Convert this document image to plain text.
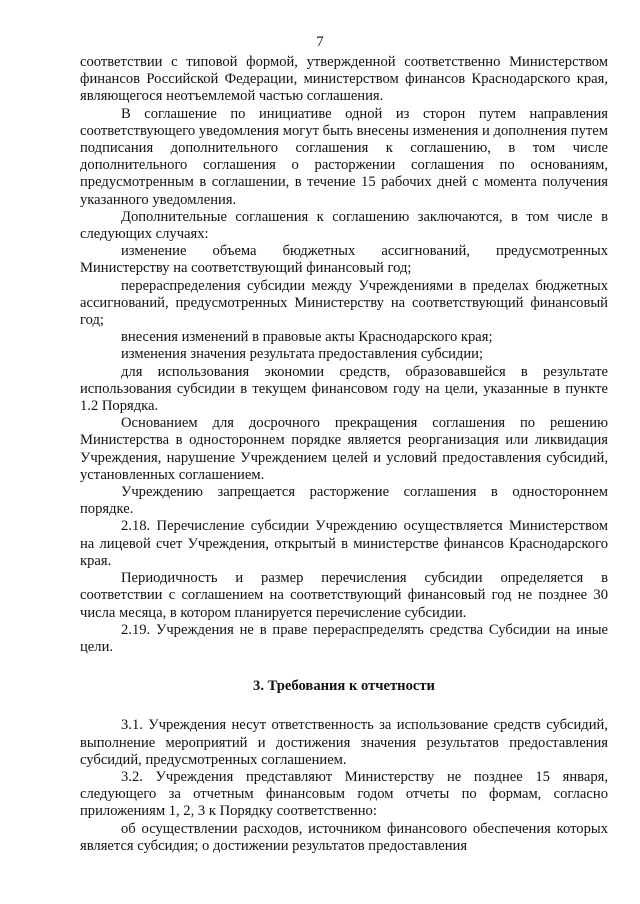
7

соответствии с типовой формой, утвержденной соответственно Министерством финансов Российской Федерации, министерством финансов Краснодарского края, являющегося неотъемлемой частью соглашения.

В соглашение по инициативе одной из сторон путем направления соответствующего уведомления могут быть внесены изменения и дополнения путем подписания дополнительного соглашения к соглашению, в том числе дополнительного соглашения о расторжении соглашения по основаниям, предусмотренным в соглашении, в течение 15 рабочих дней с момента получения указанного уведомления.

Дополнительные соглашения к соглашению заключаются, в том числе в следующих случаях:

изменение объема бюджетных ассигнований, предусмотренных Министерству на соответствующий финансовый год;

перераспределения субсидии между Учреждениями в пределах бюджетных ассигнований, предусмотренных Министерству на соответствующий финансовый год;

внесения изменений в правовые акты Краснодарского края;

изменения значения результата предоставления субсидии;

для использования экономии средств, образовавшейся в результате использования субсидии в текущем финансовом году на цели, указанные в пункте 1.2 Порядка.

Основанием для досрочного прекращения соглашения по решению Министерства в одностороннем порядке является реорганизация или ликвидация Учреждения, нарушение Учреждением целей и условий предоставления субсидий, установленных соглашением.

Учреждению запрещается расторжение соглашения в одностороннем порядке.

2.18. Перечисление субсидии Учреждению осуществляется Министерством на лицевой счет Учреждения, открытый в министерстве финансов Краснодарского края.

Периодичность и размер перечисления субсидии определяется в соответствии с соглашением на соответствующий финансовый год не позднее 30 числа месяца, в котором планируется перечисление субсидии.

2.19. Учреждения не в праве перераспределять средства Субсидии на иные цели.

3. Требования к отчетности

3.1. Учреждения несут ответственность за использование средств субсидий, выполнение мероприятий и достижения значения результатов предоставления субсидий, предусмотренных соглашением.

3.2. Учреждения представляют Министерству не позднее 15 января, следующего за отчетным финансовым годом отчеты по формам, согласно приложениям 1, 2, 3 к Порядку соответственно:

об осуществлении расходов, источником финансового обеспечения которых является субсидия; о достижении результатов предоставления
